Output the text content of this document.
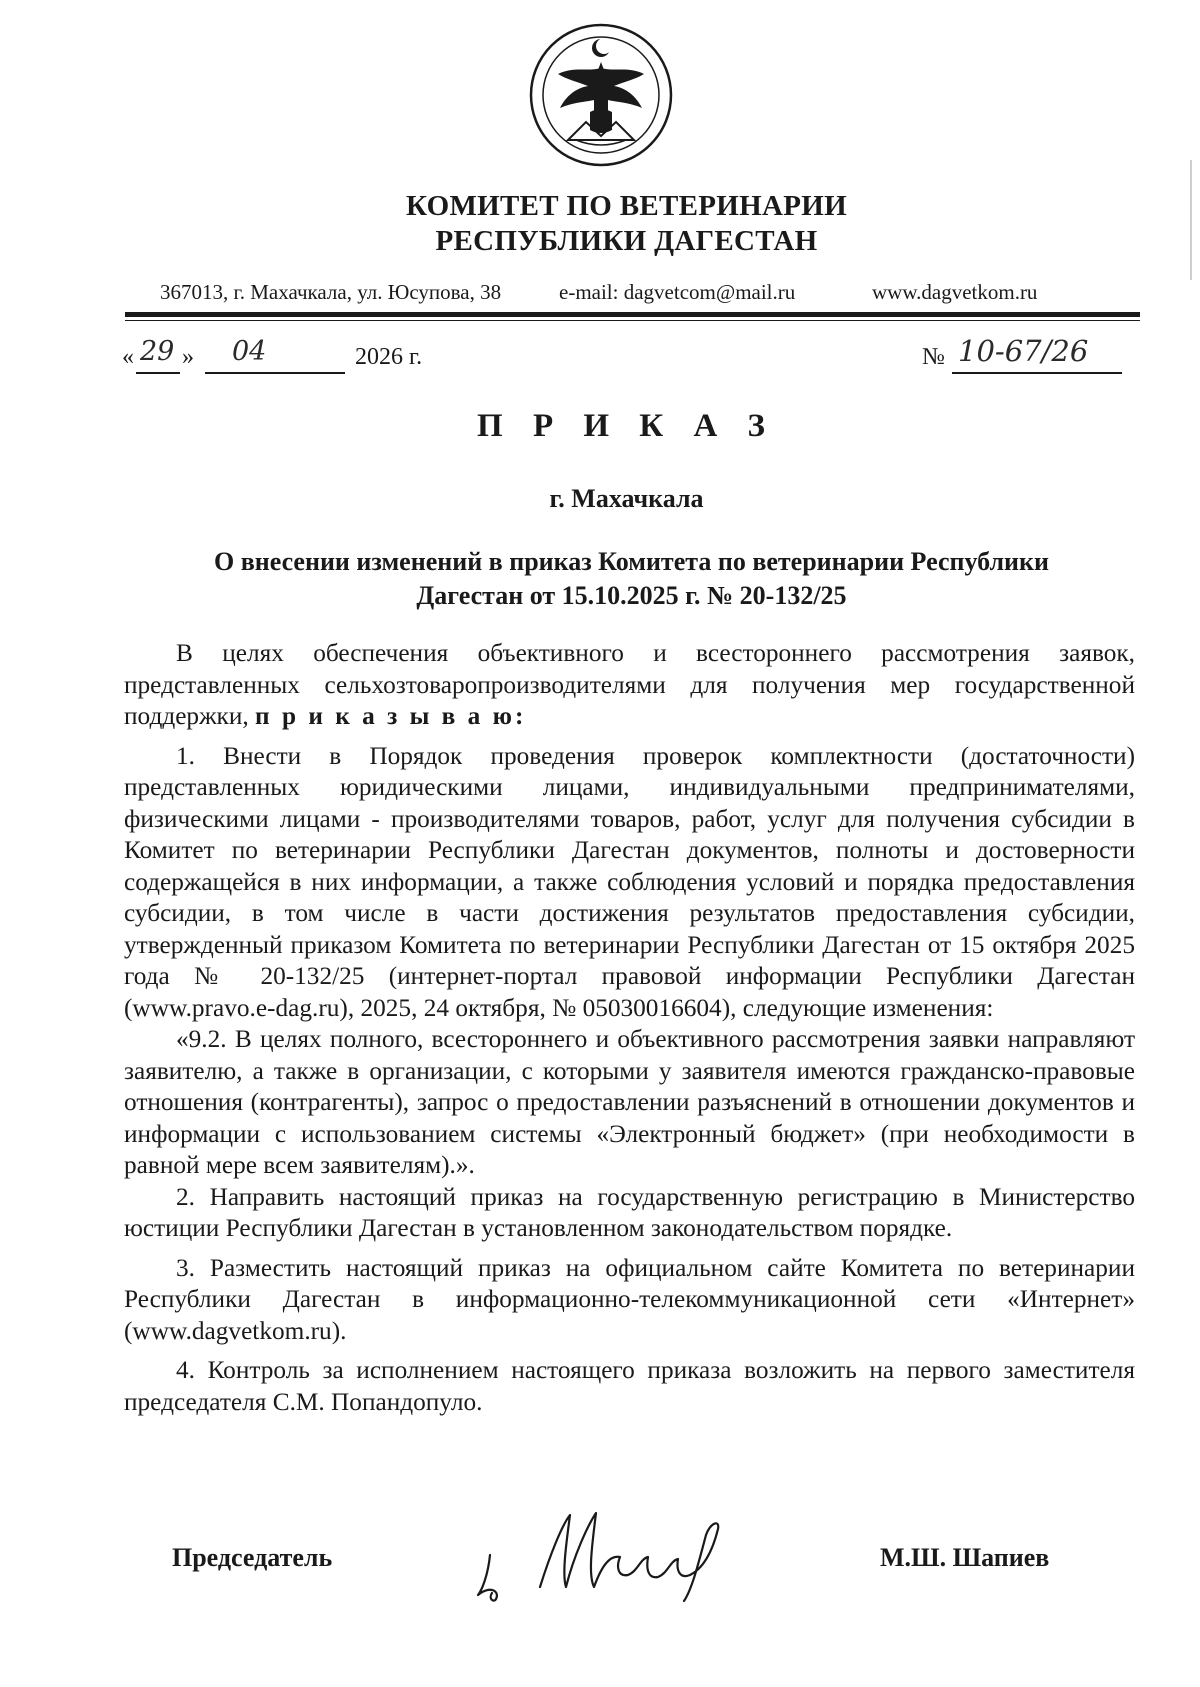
КОМИТЕТ ПО ВЕТЕРИНАРИИ
РЕСПУБЛИКИ ДАГЕСТАН
367013, г. Махачкала, ул. Юсупова, 38	e-mail: dagvetcom@mail.ru	www.dagvetkom.ru
« 29 » 04	2026 г.	№ 10-67/26
П Р И К А З
г. Махачкала
О внесении изменений в приказ Комитета по ветеринарии Республики
Дагестан от 15.10.2025 г. № 20-132/25

В целях обеспечения объективного и всестороннего рассмотрения заявок, представленных сельхозтоваропроизводителями для получения мер государственной поддержки, п р и к а з ы в а ю:

1. Внести в Порядок проведения проверок комплектности (достаточности) представленных юридическими лицами, индивидуальными предпринимателями, физическими лицами - производителями товаров, работ, услуг для получения субсидии в Комитет по ветеринарии Республики Дагестан документов, полноты и достоверности содержащейся в них информации, а также соблюдения условий и порядка предоставления субсидии, в том числе в части достижения результатов предоставления субсидии, утвержденный приказом Комитета по ветеринарии Республики Дагестан от 15 октября 2025 года № 20-132/25 (интернет-портал правовой информации Республики Дагестан (www.pravo.e-dag.ru), 2025, 24 октября, № 05030016604), следующие изменения:

«9.2. В целях полного, всестороннего и объективного рассмотрения заявки направляют заявителю, а также в организации, с которыми у заявителя имеются гражданско-правовые отношения (контрагенты), запрос о предоставлении разъяснений в отношении документов и информации с использованием системы «Электронный бюджет» (при необходимости в равной мере всем заявителям).».

2. Направить настоящий приказ на государственную регистрацию в Министерство юстиции Республики Дагестан в установленном законодательством порядке.

3. Разместить настоящий приказ на официальном сайте Комитета по ветеринарии Республики Дагестан в информационно-телекоммуникационной сети «Интернет» (www.dagvetkom.ru).

4. Контроль за исполнением настоящего приказа возложить на первого заместителя председателя С.М. Попандопуло.

Председатель	М.Ш. Шапиев
